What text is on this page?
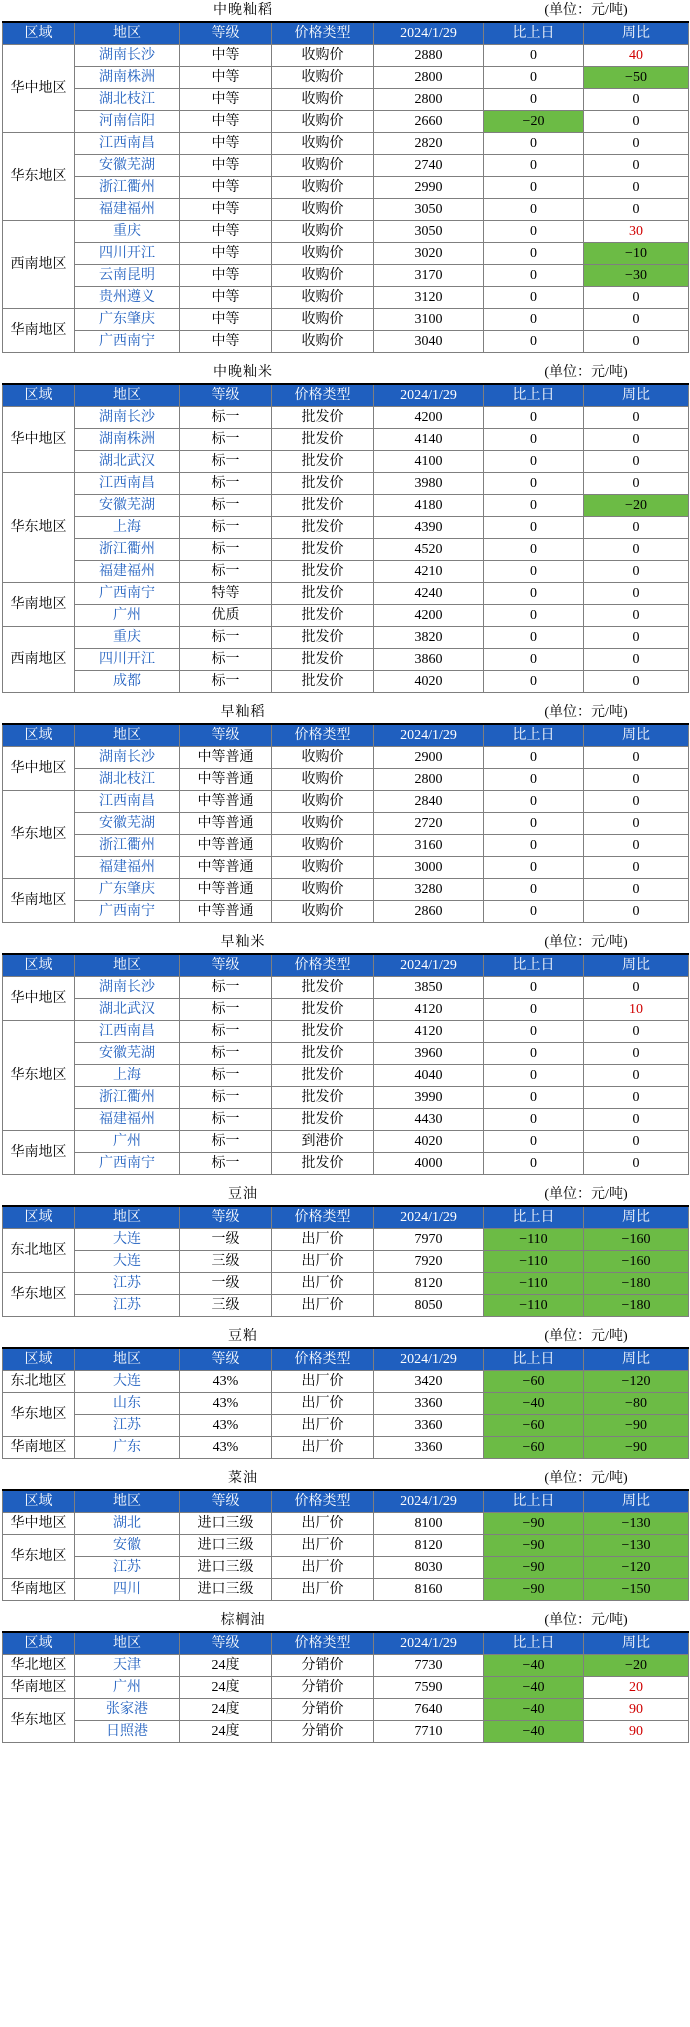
中晚籼稻					(单位：元/吨)	
区域	地区	等级	价格类型	2024/1/29	比上日	周比
华中地区	湖南长沙	中等	收购价	2880	0	40
	湖南株洲	中等	收购价	2800	0	−50
	湖北枝江	中等	收购价	2800	0	0
	河南信阳	中等	收购价	2660	−20	0
华东地区	江西南昌	中等	收购价	2820	0	0
	安徽芜湖	中等	收购价	2740	0	0
	浙江衢州	中等	收购价	2990	0	0
	福建福州	中等	收购价	3050	0	0
西南地区	重庆	中等	收购价	3050	0	30
	四川开江	中等	收购价	3020	0	−10
	云南昆明	中等	收购价	3170	0	−30
	贵州遵义	中等	收购价	3120	0	0
华南地区	广东肇庆	中等	收购价	3100	0	0
	广西南宁	中等	收购价	3040	0	0
中晚籼米					(单位：元/吨)	
区域	地区	等级	价格类型	2024/1/29	比上日	周比
华中地区	湖南长沙	标一	批发价	4200	0	0
	湖南株洲	标一	批发价	4140	0	0
	湖北武汉	标一	批发价	4100	0	0
华东地区	江西南昌	标一	批发价	3980	0	0
	安徽芜湖	标一	批发价	4180	0	−20
	上海	标一	批发价	4390	0	0
	浙江衢州	标一	批发价	4520	0	0
	福建福州	标一	批发价	4210	0	0
华南地区	广西南宁	特等	批发价	4240	0	0
	广州	优质	批发价	4200	0	0
西南地区	重庆	标一	批发价	3820	0	0
	四川开江	标一	批发价	3860	0	0
	成都	标一	批发价	4020	0	0
早籼稻					(单位：元/吨)	
区域	地区	等级	价格类型	2024/1/29	比上日	周比
华中地区	湖南长沙	中等普通	收购价	2900	0	0
	湖北枝江	中等普通	收购价	2800	0	0
华东地区	江西南昌	中等普通	收购价	2840	0	0
	安徽芜湖	中等普通	收购价	2720	0	0
	浙江衢州	中等普通	收购价	3160	0	0
	福建福州	中等普通	收购价	3000	0	0
华南地区	广东肇庆	中等普通	收购价	3280	0	0
	广西南宁	中等普通	收购价	2860	0	0
早籼米					(单位：元/吨)	
区域	地区	等级	价格类型	2024/1/29	比上日	周比
华中地区	湖南长沙	标一	批发价	3850	0	0
	湖北武汉	标一	批发价	4120	0	10
华东地区	江西南昌	标一	批发价	4120	0	0
	安徽芜湖	标一	批发价	3960	0	0
	上海	标一	批发价	4040	0	0
	浙江衢州	标一	批发价	3990	0	0
	福建福州	标一	批发价	4430	0	0
华南地区	广州	标一	到港价	4020	0	0
	广西南宁	标一	批发价	4000	0	0
豆油					(单位：元/吨)	
区域	地区	等级	价格类型	2024/1/29	比上日	周比
东北地区	大连	一级	出厂价	7970	−110	−160
	大连	三级	出厂价	7920	−110	−160
华东地区	江苏	一级	出厂价	8120	−110	−180
	江苏	三级	出厂价	8050	−110	−180
豆粕					(单位：元/吨)	
区域	地区	等级	价格类型	2024/1/29	比上日	周比
东北地区	大连	43%	出厂价	3420	−60	−120
华东地区	山东	43%	出厂价	3360	−40	−80
	江苏	43%	出厂价	3360	−60	−90
华南地区	广东	43%	出厂价	3360	−60	−90
菜油					(单位：元/吨)	
区域	地区	等级	价格类型	2024/1/29	比上日	周比
华中地区	湖北	进口三级	出厂价	8100	−90	−130
华东地区	安徽	进口三级	出厂价	8120	−90	−130
	江苏	进口三级	出厂价	8030	−90	−120
华南地区	四川	进口三级	出厂价	8160	−90	−150
棕榈油					(单位：元/吨)	
区域	地区	等级	价格类型	2024/1/29	比上日	周比
华北地区	天津	24度	分销价	7730	−40	−20
华南地区	广州	24度	分销价	7590	−40	20
华东地区	张家港	24度	分销价	7640	−40	90
	日照港	24度	分销价	7710	−40	90
